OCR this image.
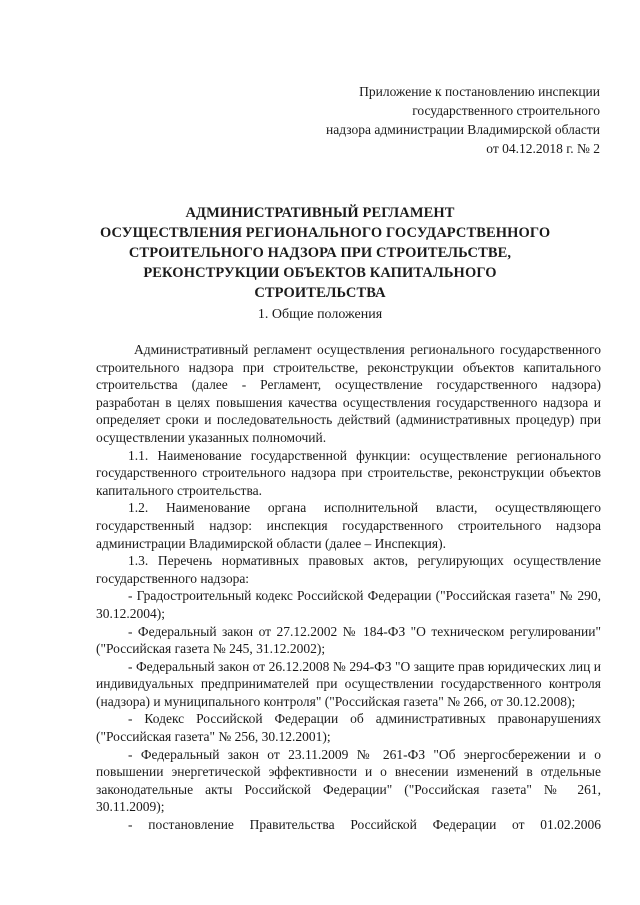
Приложение к постановлению инспекции
государственного строительного
надзора администрации Владимирской области
от 04.12.2018 г. № 2
АДМИНИСТРАТИВНЫЙ РЕГЛАМЕНТ
ОСУЩЕСТВЛЕНИЯ РЕГИОНАЛЬНОГО ГОСУДАРСТВЕННОГО
СТРОИТЕЛЬНОГО НАДЗОРА ПРИ СТРОИТЕЛЬСТВЕ,
РЕКОНСТРУКЦИИ ОБЪЕКТОВ КАПИТАЛЬНОГО
СТРОИТЕЛЬСТВА
1. Общие положения

Административный регламент осуществления регионального государственного строительного надзора при строительстве, реконструкции объектов капитального строительства (далее - Регламент, осуществление государственного надзора) разработан в целях повышения качества осуществления государственного надзора и определяет сроки и последовательность действий (административных процедур) при осуществлении указанных полномочий.

1.1. Наименование государственной функции: осуществление регионального государственного строительного надзора при строительстве, реконструкции объектов капитального строительства.

1.2. Наименование органа исполнительной власти, осуществляющего государственный надзор: инспекция государственного строительного надзора администрации Владимирской области (далее – Инспекция).

1.3. Перечень нормативных правовых актов, регулирующих осуществление государственного надзора:

- Градостроительный кодекс Российской Федерации ("Российская газета" № 290, 30.12.2004);

- Федеральный закон от 27.12.2002 № 184-ФЗ "О техническом регулировании" ("Российская газета № 245, 31.12.2002);

- Федеральный закон от 26.12.2008 № 294-ФЗ "О защите прав юридических лиц и индивидуальных предпринимателей при осуществлении государственного контроля (надзора) и муниципального контроля" ("Российская газета" № 266, от 30.12.2008);

- Кодекс Российской Федерации об административных правонарушениях ("Российская газета" № 256, 30.12.2001);

- Федеральный закон от 23.11.2009 № 261-ФЗ "Об энергосбережении и о повышении энергетической эффективности и о внесении изменений в отдельные законодательные акты Российской Федерации" ("Российская газета" № 261, 30.11.2009);

- постановление Правительства Российской Федерации от 01.02.2006
